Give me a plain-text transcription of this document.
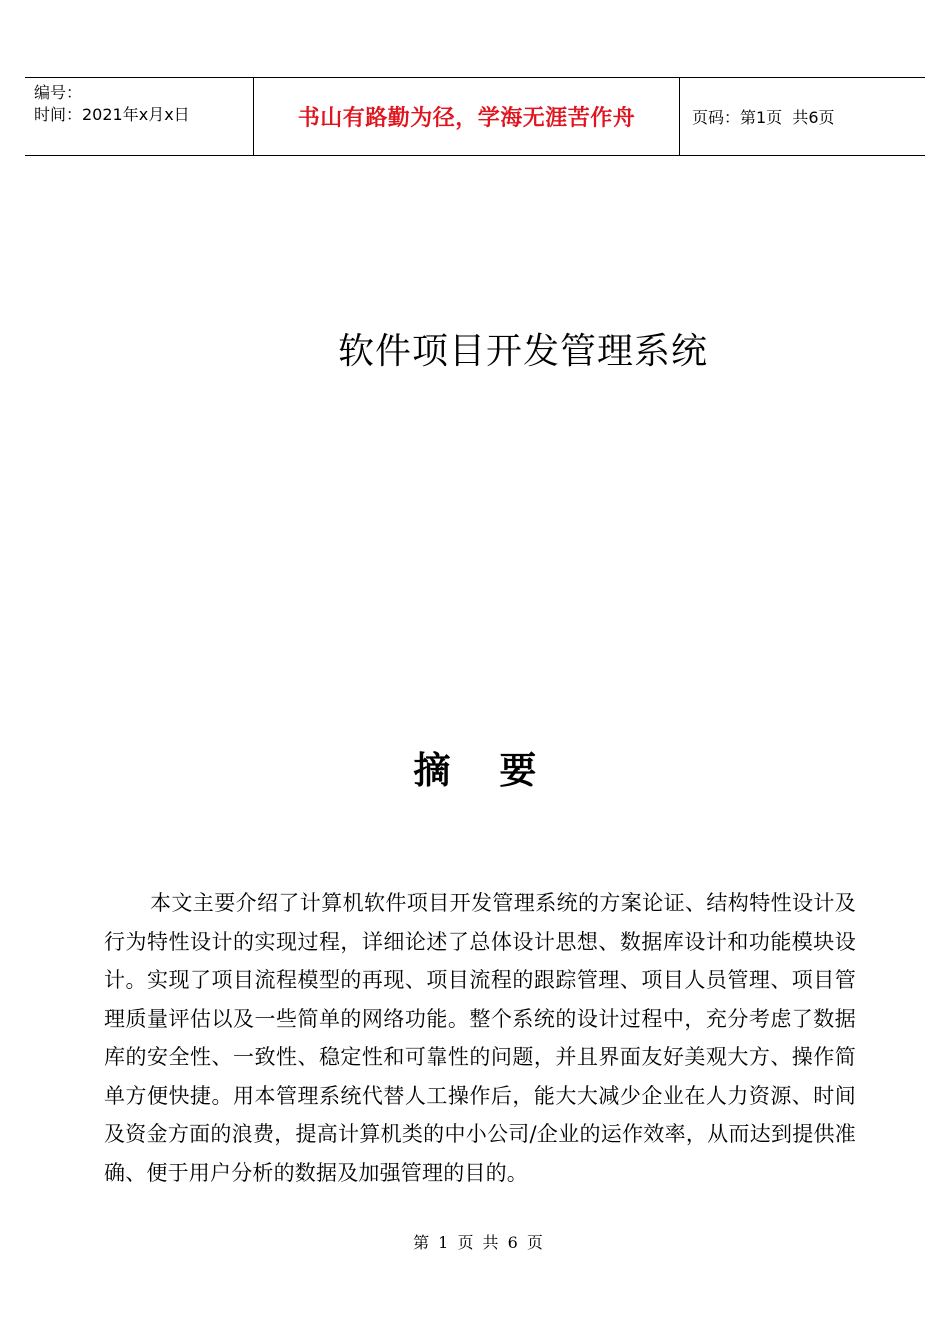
编号：
时间：2021年x月x日	书山有路勤为径，学海无涯苦作舟	页码：第1页  共6页
软件项目开发管理系统
摘 要
本文主要介绍了计算机软件项目开发管理系统的方案论证、结构特性设计及行为特性设计的实现过程，详细论述了总体设计思想、数据库设计和功能模块设计。实现了项目流程模型的再现、项目流程的跟踪管理、项目人员管理、项目管理质量评估以及一些简单的网络功能。整个系统的设计过程中，充分考虑了数据库的安全性、一致性、稳定性和可靠性的问题，并且界面友好美观大方、操作简单方便快捷。用本管理系统代替人工操作后，能大大减少企业在人力资源、时间及资金方面的浪费，提高计算机类的中小公司/企业的运作效率，从而达到提供准确、便于用户分析的数据及加强管理的目的。
第 1 页 共 6 页
